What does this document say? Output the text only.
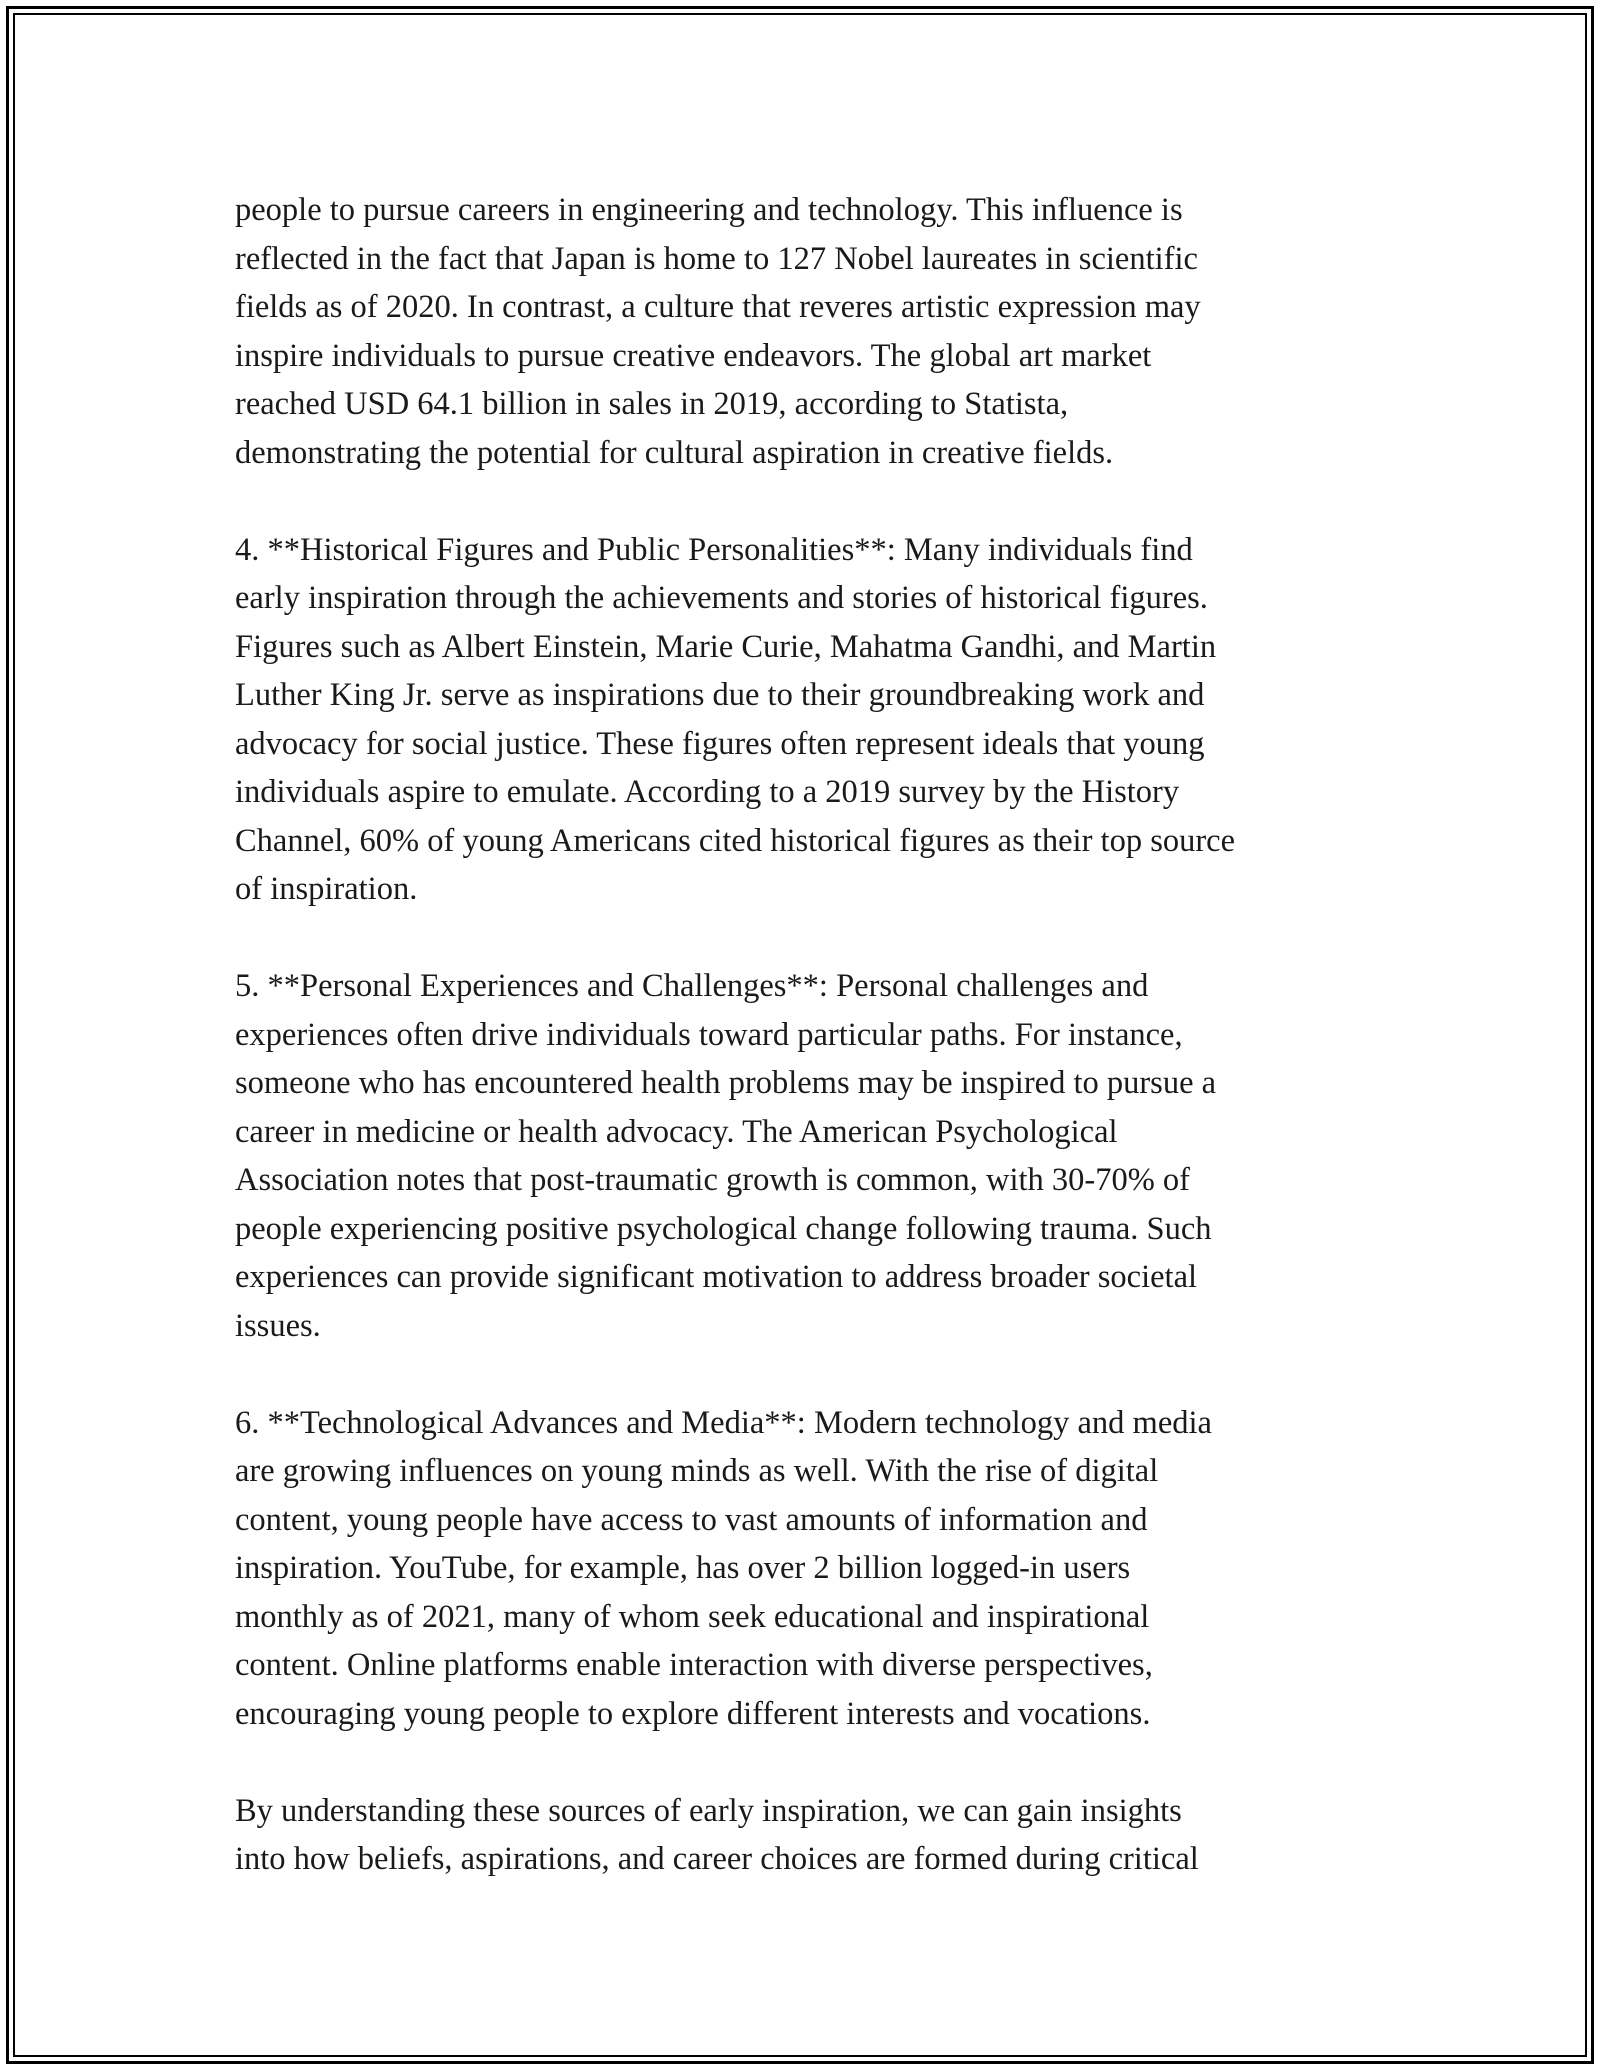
people to pursue careers in engineering and technology. This influence is
reflected in the fact that Japan is home to 127 Nobel laureates in scientific
fields as of 2020. In contrast, a culture that reveres artistic expression may
inspire individuals to pursue creative endeavors. The global art market
reached USD 64.1 billion in sales in 2019, according to Statista,
demonstrating the potential for cultural aspiration in creative fields.

4. **Historical Figures and Public Personalities**: Many individuals find
early inspiration through the achievements and stories of historical figures.
Figures such as Albert Einstein, Marie Curie, Mahatma Gandhi, and Martin
Luther King Jr. serve as inspirations due to their groundbreaking work and
advocacy for social justice. These figures often represent ideals that young
individuals aspire to emulate. According to a 2019 survey by the History
Channel, 60% of young Americans cited historical figures as their top source
of inspiration.

5. **Personal Experiences and Challenges**: Personal challenges and
experiences often drive individuals toward particular paths. For instance,
someone who has encountered health problems may be inspired to pursue a
career in medicine or health advocacy. The American Psychological
Association notes that post-traumatic growth is common, with 30-70% of
people experiencing positive psychological change following trauma. Such
experiences can provide significant motivation to address broader societal
issues.

6. **Technological Advances and Media**: Modern technology and media
are growing influences on young minds as well. With the rise of digital
content, young people have access to vast amounts of information and
inspiration. YouTube, for example, has over 2 billion logged-in users
monthly as of 2021, many of whom seek educational and inspirational
content. Online platforms enable interaction with diverse perspectives,
encouraging young people to explore different interests and vocations.

By understanding these sources of early inspiration, we can gain insights
into how beliefs, aspirations, and career choices are formed during critical
